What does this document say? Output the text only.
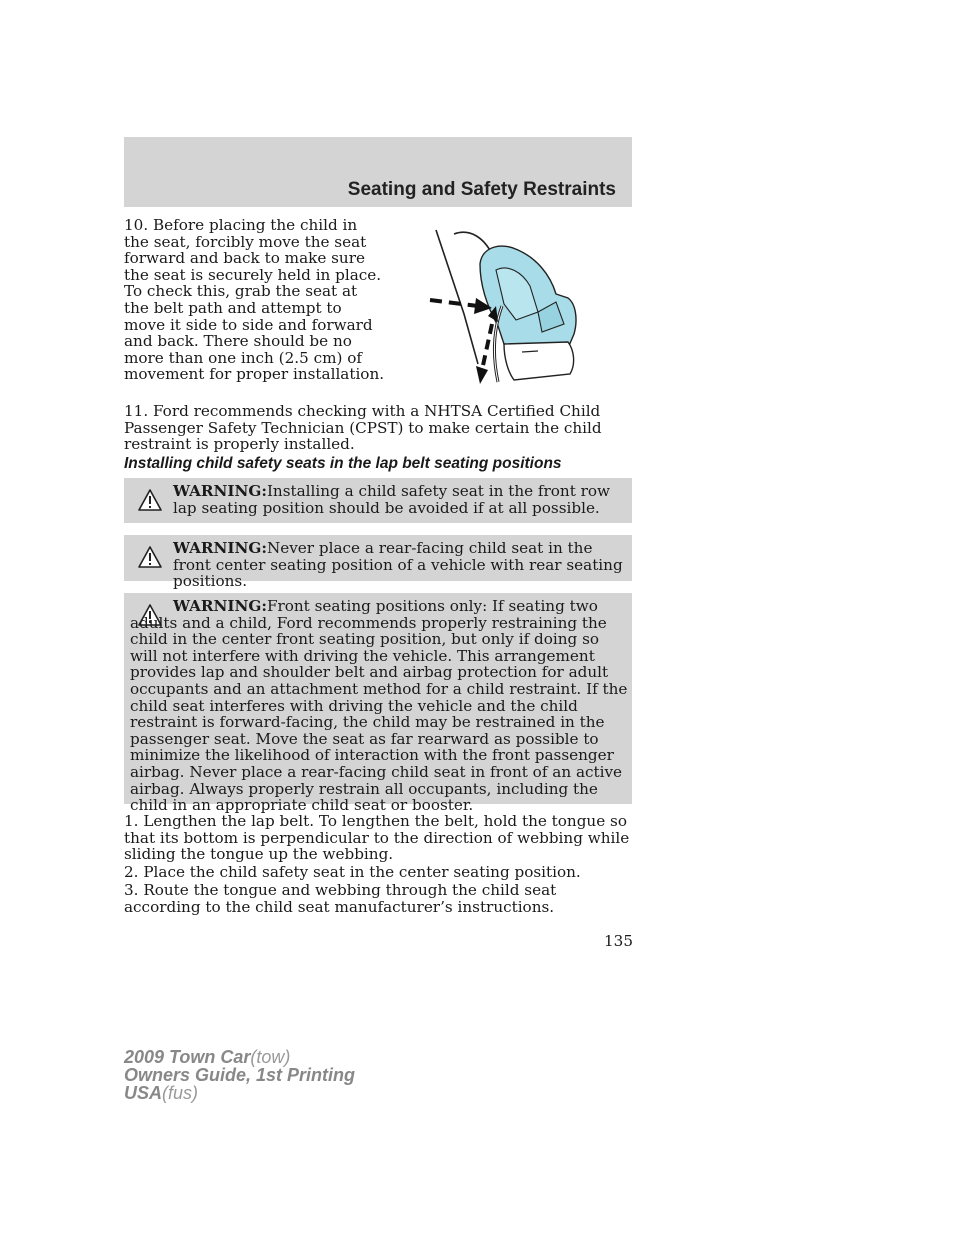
Seating and Safety Restraints
10. Before placing the child in the seat, forcibly move the seat forward and back to make sure the seat is securely held in place. To check this, grab the seat at the belt path and attempt to move it side to side and forward and back. There should be no more than one inch (2.5 cm) of movement for proper installation.
11. Ford recommends checking with a NHTSA Certified Child Passenger Safety Technician (CPST) to make certain the child restraint is properly installed.
Installing child safety seats in the lap belt seating positions
WARNING:Installing a child safety seat in the front row lap seating position should be avoided if at all possible.
WARNING:Never place a rear-facing child seat in the front center seating position of a vehicle with rear seating positions.
WARNING:Front seating positions only: If seating two adults and a child, Ford recommends properly restraining the child in the center front seating position, but only if doing so will not interfere with driving the vehicle. This arrangement provides lap and shoulder belt and airbag protection for adult occupants and an attachment method for a child restraint. If the child seat interferes with driving the vehicle and the child restraint is forward-facing, the child may be restrained in the passenger seat. Move the seat as far rearward as possible to minimize the likelihood of interaction with the front passenger airbag. Never place a rear-facing child seat in front of an active airbag. Always properly restrain all occupants, including the child in an appropriate child seat or booster.
1. Lengthen the lap belt. To lengthen the belt, hold the tongue so that its bottom is perpendicular to the direction of webbing while sliding the tongue up the webbing.
2. Place the child safety seat in the center seating position.
3. Route the tongue and webbing through the child seat according to the child seat manufacturer’s instructions.
135
2009 Town Car(tow)
Owners Guide, 1st Printing
USA(fus)
